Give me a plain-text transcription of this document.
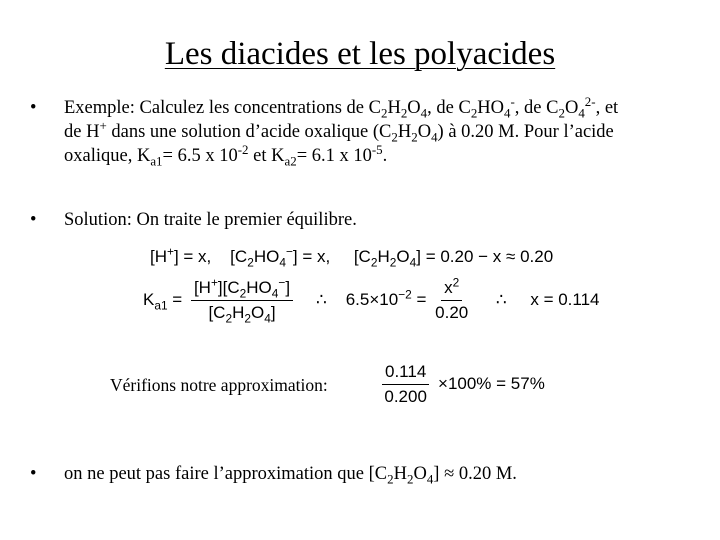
Les diacides et les polyacides
• Exemple: Calculez les concentrations de $C_2H_2O_4$, de $C_2HO_4^-$, de $C_2O_4^{2-}$, et
de H+ dans une solution d’acide oxalique $(C_2H_2O_4)$ à 0.20 M. Pour l’acide
oxalique, $K_{a1}= 6.5$ x $10^{-2}$ et $K_{a2}= 6.1$ x $10^{-5}$.
• Solution: On traite le premier équilibre.
[H+] = x,    $[C_2HO_4^-] = x$,     $[C_2H_2O_4] = 0.20 - x \approx 0.20$
$K_{a1} = \frac{[H^+][C_2HO_4^-]}{[C_2H_2O_4]}$ ∴ $6.5\times 10^{-2} = \frac{x^2}{0.20}$ ∴ x = 0.114
Vérifions notre approximation:	$\frac{0.114}{0.200} \times 100\% = 57\%$
• on ne peut pas faire l’approximation que $[C_2H_2O_4] \approx 0.20$ M.
